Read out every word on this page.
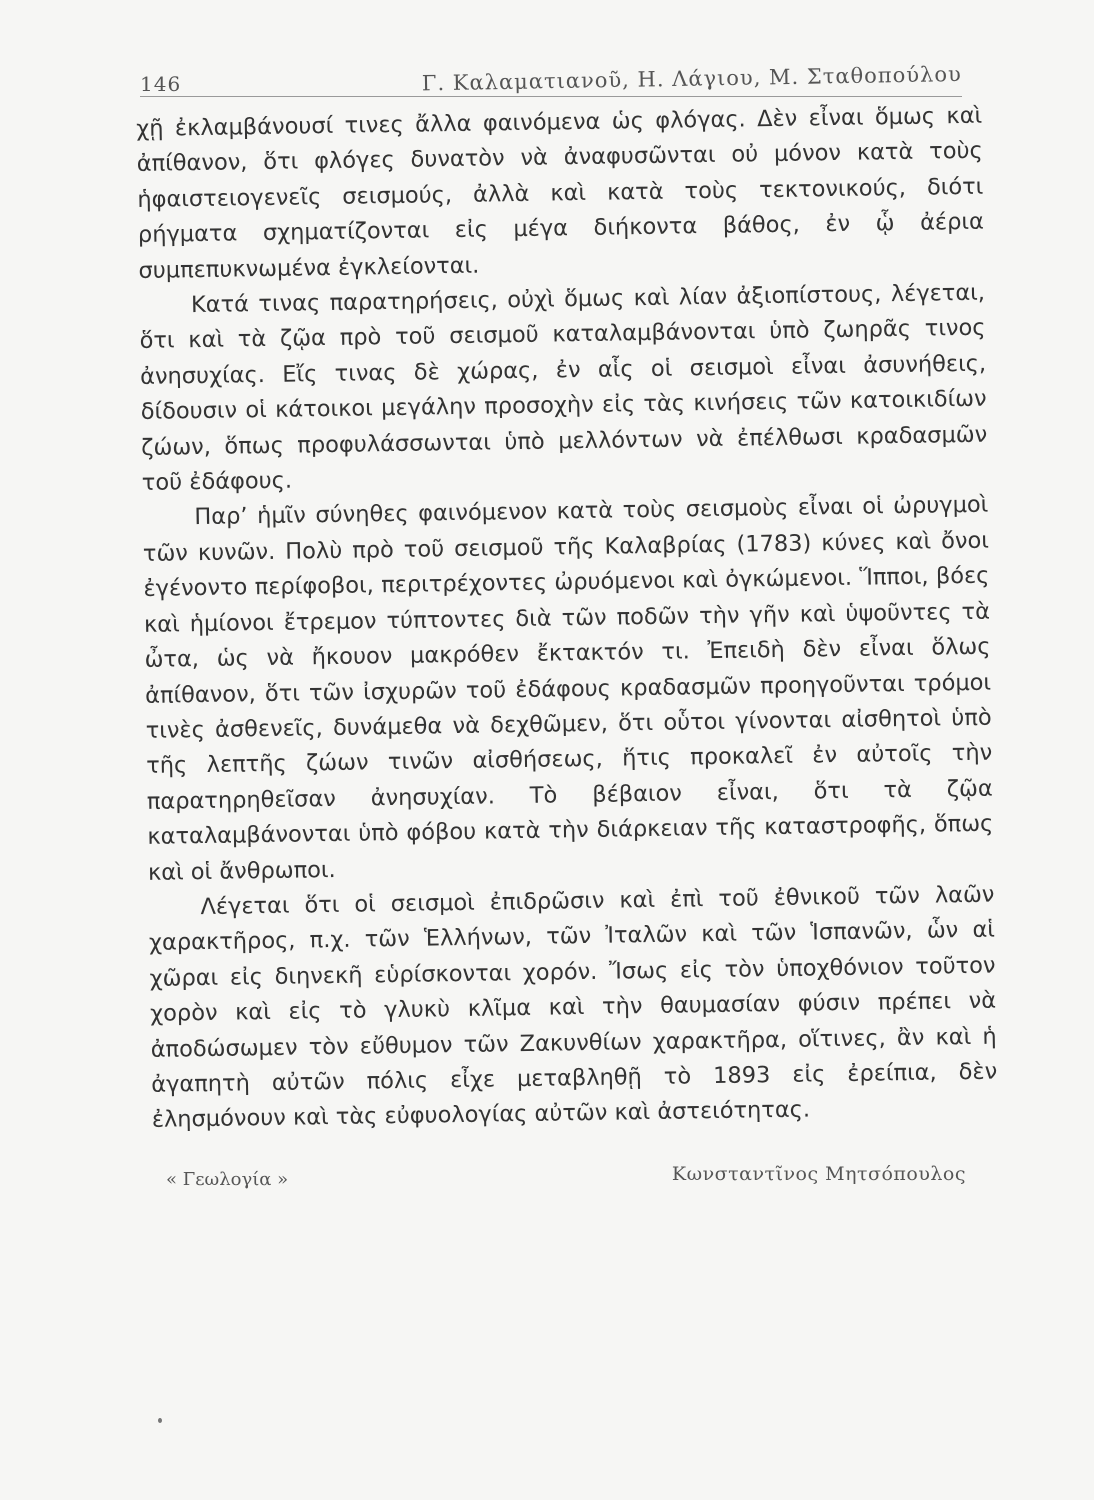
146	Γ. Καλαματιανοῦ, Η. Λάγιου, Μ. Σταθοπούλου

χῇ ἐκλαμβάνουσί τινες ἄλλα φαινόμενα ὡς φλόγας. Δὲν εἶναι ὅμως καὶ ἀπίθανον, ὅτι φλόγες δυνατὸν νὰ ἀναφυσῶνται οὐ μόνον κατὰ τοὺς ἡφαιστειογενεῖς σεισμούς, ἀλλὰ καὶ κατὰ τοὺς τεκτονικούς, διότι ρήγματα σχηματίζονται εἰς μέγα διήκοντα βάθος, ἐν ᾧ ἀέρια συμπεπυκνωμένα ἐγκλείονται.

Κατά τινας παρατηρήσεις, οὐχὶ ὅμως καὶ λίαν ἀξιοπίστους, λέγεται, ὅτι καὶ τὰ ζῷα πρὸ τοῦ σεισμοῦ καταλαμβάνονται ὑπὸ ζωηρᾶς τινος ἀνησυχίας. Εἴς τινας δὲ χώρας, ἐν αἷς οἱ σεισμοὶ εἶναι ἀσυνήθεις, δίδουσιν οἱ κάτοικοι μεγάλην προσοχὴν εἰς τὰς κινήσεις τῶν κατοικιδίων ζώων, ὅπως προφυλάσσωνται ὑπὸ μελλόντων νὰ ἐπέλθωσι κραδασμῶν τοῦ ἐδάφους.

Παρ’ ἡμῖν σύνηθες φαινόμενον κατὰ τοὺς σεισμοὺς εἶναι οἱ ὠρυγμοὶ τῶν κυνῶν. Πολὺ πρὸ τοῦ σεισμοῦ τῆς Καλαβρίας (1783) κύνες καὶ ὄνοι ἐγένοντο περίφοβοι, περιτρέχοντες ὠρυόμενοι καὶ ὀγκώμενοι. Ἵπποι, βόες καὶ ἡμίονοι ἔτρεμον τύπτοντες διὰ τῶν ποδῶν τὴν γῆν καὶ ὑψοῦντες τὰ ὦτα, ὡς νὰ ἤκουον μακρόθεν ἔκτακτόν τι. Ἐπειδὴ δὲν εἶναι ὅλως ἀπίθανον, ὅτι τῶν ἰσχυρῶν τοῦ ἐδάφους κραδασμῶν προηγοῦνται τρόμοι τινὲς ἀσθενεῖς, δυνάμεθα νὰ δεχθῶμεν, ὅτι οὗτοι γίνονται αἰσθητοὶ ὑπὸ τῆς λεπτῆς ζώων τινῶν αἰσθήσεως, ἥτις προκαλεῖ ἐν αὐτοῖς τὴν παρατηρηθεῖσαν ἀνησυχίαν. Τὸ βέβαιον εἶναι, ὅτι τὰ ζῷα καταλαμβάνονται ὑπὸ φόβου κατὰ τὴν διάρκειαν τῆς καταστροφῆς, ὅπως καὶ οἱ ἄνθρωποι.

Λέγεται ὅτι οἱ σεισμοὶ ἐπιδρῶσιν καὶ ἐπὶ τοῦ ἐθνικοῦ τῶν λαῶν χαρακτῆρος, π.χ. τῶν Ἑλλήνων, τῶν Ἰταλῶν καὶ τῶν Ἱσπανῶν, ὧν αἱ χῶραι εἰς διηνεκῆ εὑρίσκονται χορόν. Ἴσως εἰς τὸν ὑποχθόνιον τοῦτον χορὸν καὶ εἰς τὸ γλυκὺ κλῖμα καὶ τὴν θαυμασίαν φύσιν πρέπει νὰ ἀποδώσωμεν τὸν εὔθυμον τῶν Ζακυνθίων χαρακτῆρα, οἵτινες, ἂν καὶ ἡ ἀγαπητὴ αὐτῶν πόλις εἶχε μεταβληθῇ τὸ 1893 εἰς ἐρείπια, δὲν ἐλησμόνουν καὶ τὰς εὐφυολογίας αὐτῶν καὶ ἀστειότητας.

« Γεωλογία »	Κωνσταντῖνος Μητσόπουλος
